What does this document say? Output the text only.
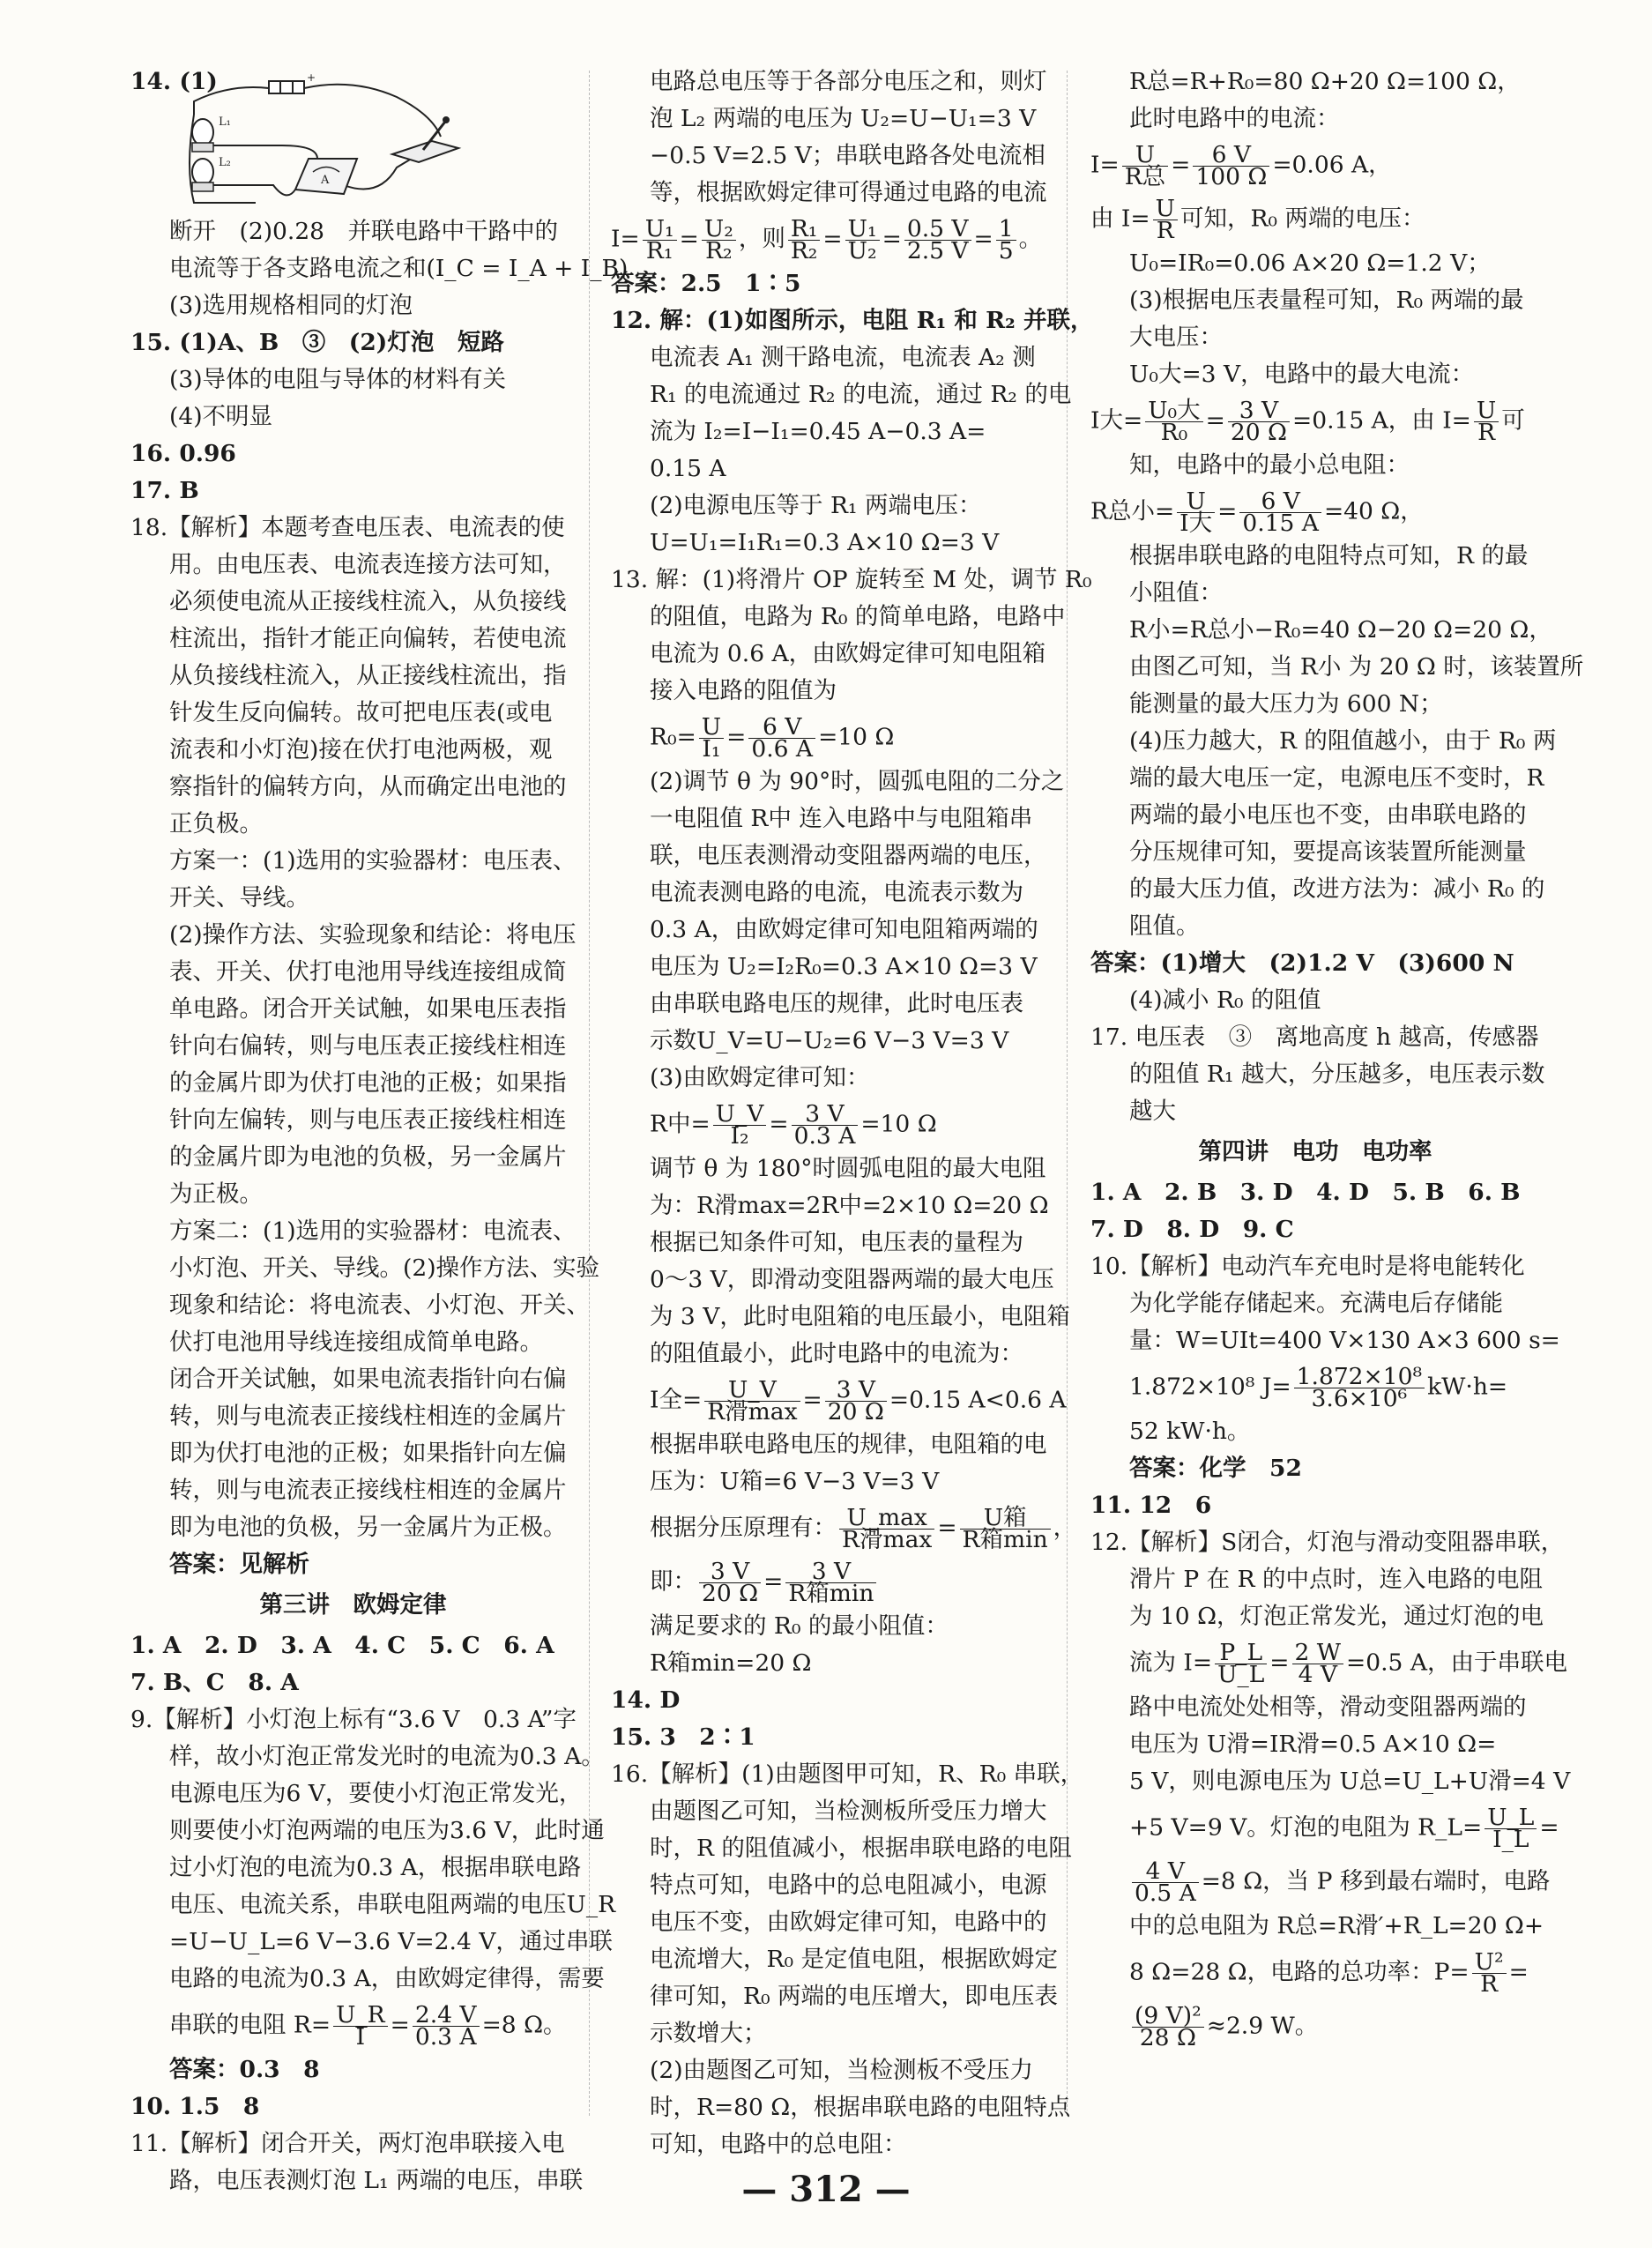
+
L₁
L₂
A
14. (1)
断开　(2)0.28　并联电路中干路中的
电流等于各支路电流之和(I_C = I_A + I_B)
(3)选用规格相同的灯泡
15. (1)A、B　③　(2)灯泡　短路
(3)导体的电阻与导体的材料有关
(4)不明显
16. 0.96
17. B
18.【解析】本题考查电压表、电流表的使
用。由电压表、电流表连接方法可知，
必须使电流从正接线柱流入，从负接线
柱流出，指针才能正向偏转，若使电流
从负接线柱流入，从正接线柱流出，指
针发生反向偏转。故可把电压表(或电
流表和小灯泡)接在伏打电池两极，观
察指针的偏转方向，从而确定出电池的
正负极。
方案一：(1)选用的实验器材：电压表、
开关、导线。
(2)操作方法、实验现象和结论：将电压
表、开关、伏打电池用导线连接组成简
单电路。闭合开关试触，如果电压表指
针向右偏转，则与电压表正接线柱相连
的金属片即为伏打电池的正极；如果指
针向左偏转，则与电压表正接线柱相连
的金属片即为电池的负极，另一金属片
为正极。
方案二：(1)选用的实验器材：电流表、
小灯泡、开关、导线。(2)操作方法、实验
现象和结论：将电流表、小灯泡、开关、
伏打电池用导线连接组成简单电路。
闭合开关试触，如果电流表指针向右偏
转，则与电流表正接线柱相连的金属片
即为伏打电池的正极；如果指针向左偏
转，则与电流表正接线柱相连的金属片
即为电池的负极，另一金属片为正极。
答案：见解析
第三讲　欧姆定律
1. A　2. D　3. A　4. C　5. C　6. A
7. B、C　8. A
9.【解析】小灯泡上标有“3.6 V　0.3 A”字
样，故小灯泡正常发光时的电流为0.3 A。
电源电压为6 V，要使小灯泡正常发光，
则要使小灯泡两端的电压为3.6 V，此时通
过小灯泡的电流为0.3 A，根据串联电路
电压、电流关系，串联电阻两端的电压U_R
=U−U_L=6 V−3.6 V=2.4 V，通过串联
电路的电流为0.3 A，由欧姆定律得，需要
串联的电阻 $R= \frac{U\_R}{I} = \frac{2.4 V}{0.3 A} =8$ Ω。
答案：0.3　8
10. 1.5　8
11.【解析】闭合开关，两灯泡串联接入电
路，电压表测灯泡 L₁ 两端的电压，串联
电路总电压等于各部分电压之和，则灯
泡 L₂ 两端的电压为 U₂=U−U₁=3 V
−0.5 V=2.5 V；串联电路各处电流相
等，根据欧姆定律可得通过电路的电流
$I= \frac{\text{U₁}}{\text{R₁}} = \frac{\text{U₂}}{\text{R₂}}$ ，则 $\frac{\text{R₁}}{\text{R₂}} = \frac{\text{U₁}}{\text{U₂}} = \frac{0.5 V}{2.5 V} = \frac{1}{5}$ 。
答案：2.5　1∶5
12. 解：(1)如图所示，电阻 R₁ 和 R₂ 并联，
电流表 A₁ 测干路电流，电流表 A₂ 测
R₁ 的电流通过 R₂ 的电流，通过 R₂ 的电
流为 I₂=I−I₁=0.45 A−0.3 A=
0.15 A
(2)电源电压等于 R₁ 两端电压：
U=U₁=I₁R₁=0.3 A×10 Ω=3 V
13. 解：(1)将滑片 OP 旋转至 M 处，调节 R₀
的阻值，电路为 R₀ 的简单电路，电路中
电流为 0.6 A，由欧姆定律可知电阻箱
接入电路的阻值为
$R_0= \frac{U}{\text{I₁}} = \frac{6 V}{0.6 A} =10$ Ω
(2)调节 θ 为 90°时，圆弧电阻的二分之
一电阻值 R中 连入电路中与电阻箱串
联，电压表测滑动变阻器两端的电压，
电流表测电路的电流，电流表示数为
0.3 A，由欧姆定律可知电阻箱两端的
电压为 U₂=I₂R₀=0.3 A×10 Ω=3 V
由串联电路电压的规律，此时电压表
示数U_V=U−U₂=6 V−3 V=3 V
(3)由欧姆定律可知：
R中= $\frac{U\_V}{\text{I₂}} = \frac{3 V}{0.3 A} =10$ Ω
调节 θ 为 180°时圆弧电阻的最大电阻
为：R滑max=2R中=2×10 Ω=20 Ω
根据已知条件可知，电压表的量程为
0～3 V，即滑动变阻器两端的最大电压
为 3 V，此时电阻箱的电压最小，电阻箱
的阻值最小，此时电路中的电流为：
I全= $\frac{U\_V}{\text{R滑max}} = \frac{3 V}{20 \Omega} =0.15$ A<0.6 A
根据串联电路电压的规律，电阻箱的电
压为：U箱=6 V−3 V=3 V
根据分压原理有： $\frac{U\_\max}{\text{R滑max}} = \frac{\text{U箱}}{\text{R箱min}}$ ，
即： $\frac{3 V}{20 \Omega} = \frac{3 V}{\text{R箱min}}$
满足要求的 R₀ 的最小阻值：
R箱min=20 Ω
14. D
15. 3　2∶1
16.【解析】(1)由题图甲可知，R、R₀ 串联，
由题图乙可知，当检测板所受压力增大
时，R 的阻值减小，根据串联电路的电阻
特点可知，电路中的总电阻减小，电源
电压不变，由欧姆定律可知，电路中的
电流增大，R₀ 是定值电阻，根据欧姆定
律可知，R₀ 两端的电压增大，即电压表
示数增大；
(2)由题图乙可知，当检测板不受压力
时，R=80 Ω，根据串联电路的电阻特点
可知，电路中的总电阻：
R总=R+R₀=80 Ω+20 Ω=100 Ω，
此时电路中的电流：
$I= \frac{U}{\text{R总}} = \frac{6 V}{100 \Omega} =0.06$ A，
由 $I= \frac{U}{R}$ 可知，R₀ 两端的电压：
U₀=IR₀=0.06 A×20 Ω=1.2 V；
(3)根据电压表量程可知，R₀ 两端的最
大电压：
U₀大=3 V，电路中的最大电流：
I大= $\frac{\text{U₀大}}{\text{R₀}} = \frac{3 V}{20 \Omega} =0.15$ A，由 $I= \frac{U}{R}$ 可
知，电路中的最小总电阻：
R总小= $\frac{U}{\text{I大}} = \frac{6 V}{0.15 A} =40$ Ω，
根据串联电路的电阻特点可知，R 的最
小阻值：
R小=R总小−R₀=40 Ω−20 Ω=20 Ω，
由图乙可知，当 R小 为 20 Ω 时，该装置所
能测量的最大压力为 600 N；
(4)压力越大，R 的阻值越小，由于 R₀ 两
端的最大电压一定，电源电压不变时，R
两端的最小电压也不变，由串联电路的
分压规律可知，要提高该装置所能测量
的最大压力值，改进方法为：减小 R₀ 的
阻值。
答案：(1)增大　(2)1.2 V　(3)600 N
(4)减小 R₀ 的阻值
17. 电压表　③　离地高度 h 越高，传感器
的阻值 R₁ 越大，分压越多，电压表示数
越大
第四讲　电功　电功率
1. A　2. B　3. D　4. D　5. B　6. B
7. D　8. D　9. C
10.【解析】电动汽车充电时是将电能转化
为化学能存储起来。充满电后存储能
量：W=UIt=400 V×130 A×3 600 s=
1.872×10⁸ $J= \frac{\text{1.872×10⁸}}{\text{3.6×10⁶}} kW\cdot h=$
52 kW·h。
答案：化学　52
11. 12　6
12.【解析】S闭合，灯泡与滑动变阻器串联，
滑片 P 在 R 的中点时，连入电路的电阻
为 10 Ω，灯泡正常发光，通过灯泡的电
流为 $I= \frac{P\_L}{U\_L} = \frac{2 W}{4 V} =0.5$ A，由于串联电
路中电流处处相等，滑动变阻器两端的
电压为 U滑=IR滑=0.5 A×10 Ω=
5 V，则电源电压为 U总=U_L+U滑=4 V
+5 V=9 V。灯泡的电阻为 R_L= $\frac{U\_L}{I\_L}$ =
$\frac{4 V}{0.5 A} =8$ Ω，当 P 移到最右端时，电路
中的总电阻为 R总=R滑′+R_L=20 Ω+
8 Ω=28 Ω，电路的总功率：$P= \frac{\text{U²}}{R}$ =
$\frac{\text{(9 V)²}}{28 \Omega} \approx 2.9$ W。
— 312 —
